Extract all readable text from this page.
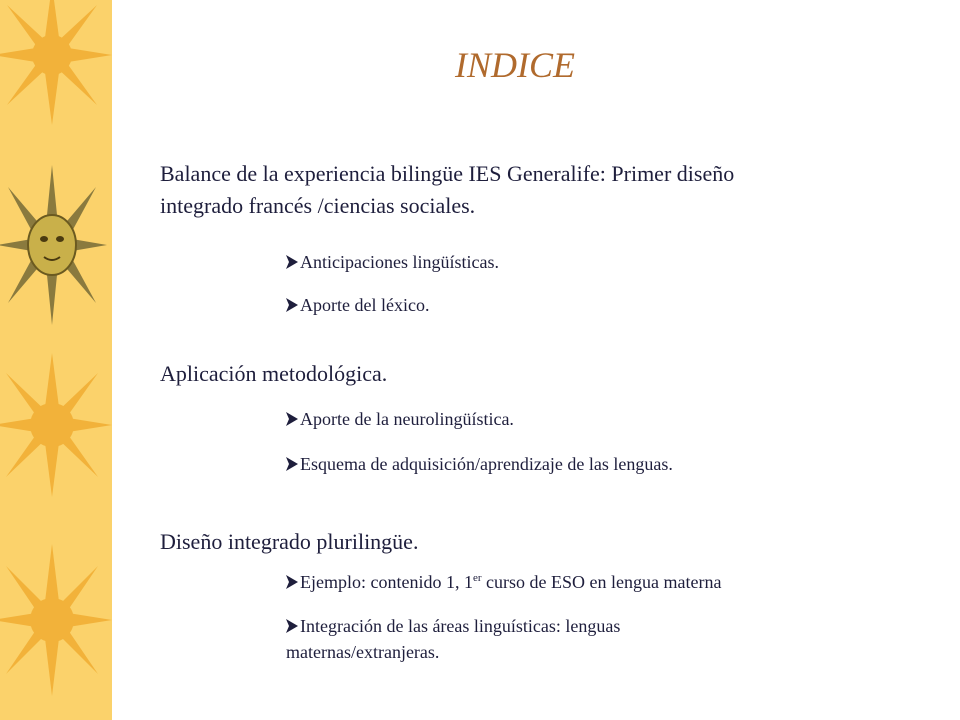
INDICE
Balance de la experiencia bilingüe IES Generalife: Primer diseño
integrado francés /ciencias sociales.
Anticipaciones lingüísticas.
Aporte del léxico.
Aplicación metodológica.
Aporte de la neurolingüística.
Esquema de adquisición/aprendizaje de las lenguas.
Diseño integrado plurilingüe.
Ejemplo: contenido 1, 1er curso de ESO en lengua materna
Integración de las áreas linguísticas: lenguas
maternas/extranjeras.
